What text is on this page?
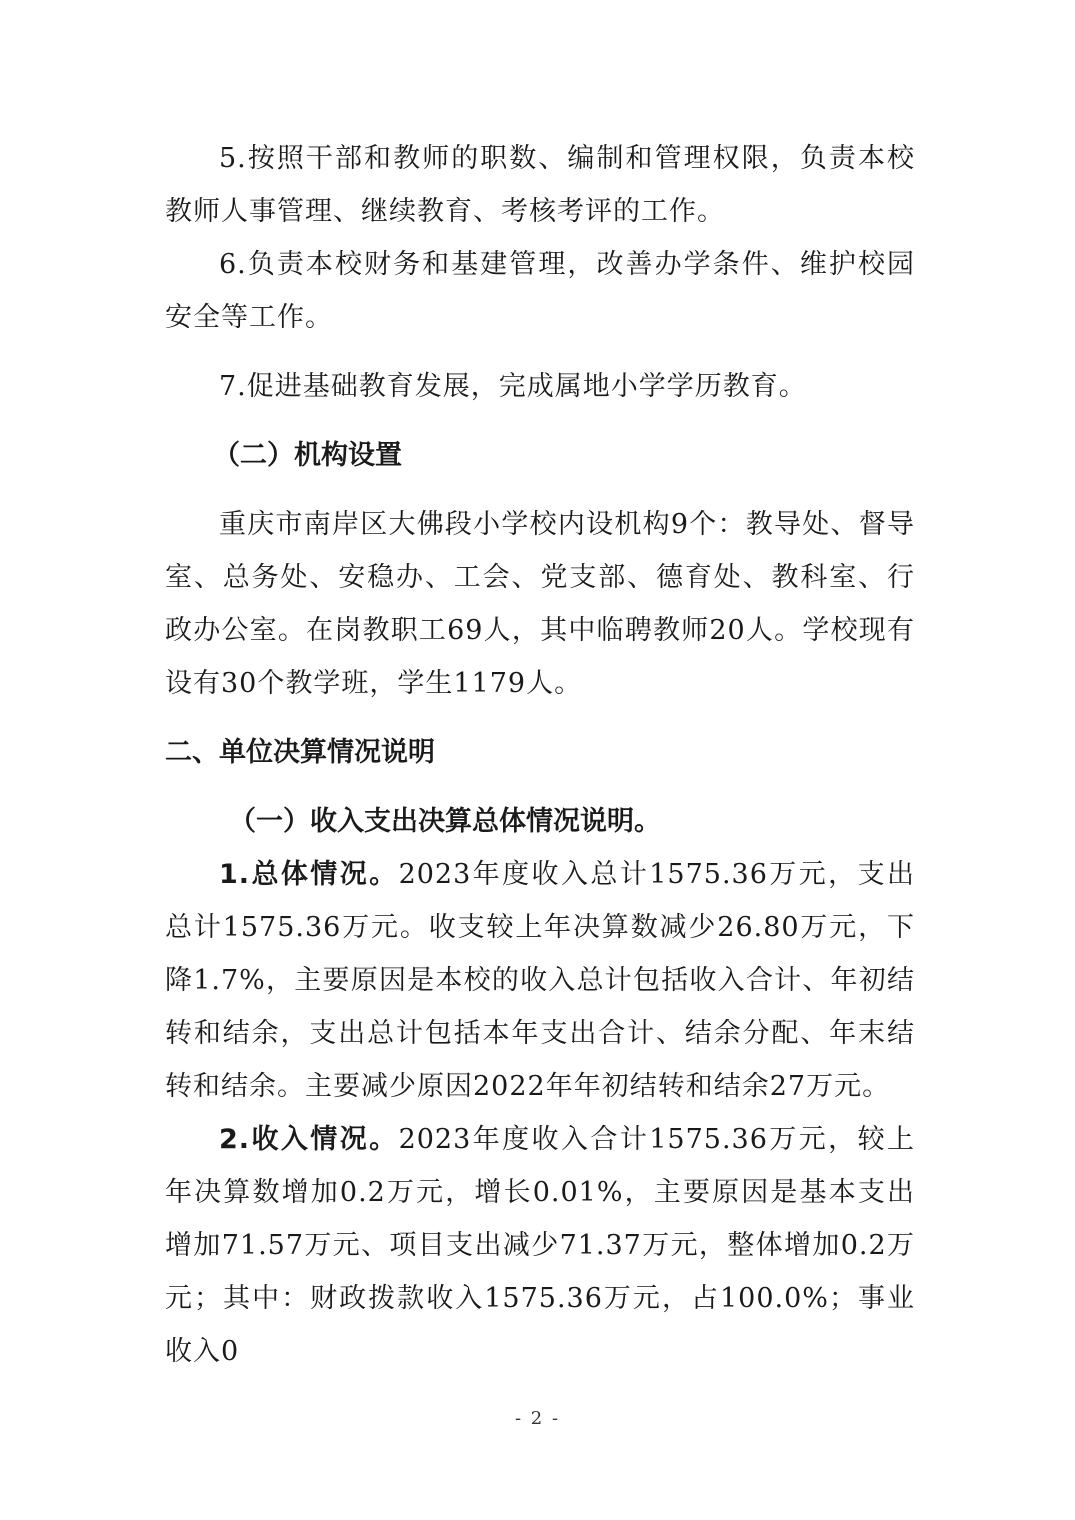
5.按照干部和教师的职数、编制和管理权限，负责本校教师人事管理、继续教育、考核考评的工作。

6.负责本校财务和基建管理，改善办学条件、维护校园安全等工作。

7.促进基础教育发展，完成属地小学学历教育。

（二）机构设置

重庆市南岸区大佛段小学校内设机构9个：教导处、督导室、总务处、安稳办、工会、党支部、德育处、教科室、行政办公室。在岗教职工69人，其中临聘教师20人。学校现有设有30个教学班，学生1179人。

二、单位决算情况说明
（一）收入支出决算总体情况说明。

1.总体情况。2023年度收入总计1575.36万元，支出总计1575.36万元。收支较上年决算数减少26.80万元，下降1.7%，主要原因是本校的收入总计包括收入合计、年初结转和结余，支出总计包括本年支出合计、结余分配、年末结转和结余。主要减少原因2022年年初结转和结余27万元。

2.收入情况。2023年度收入合计1575.36万元，较上年决算数增加0.2万元，增长0.01%，主要原因是基本支出增加71.57万元、项目支出减少71.37万元，整体增加0.2万元；其中：财政拨款收入1575.36万元，占100.0%；事业收入0

- 2 -
